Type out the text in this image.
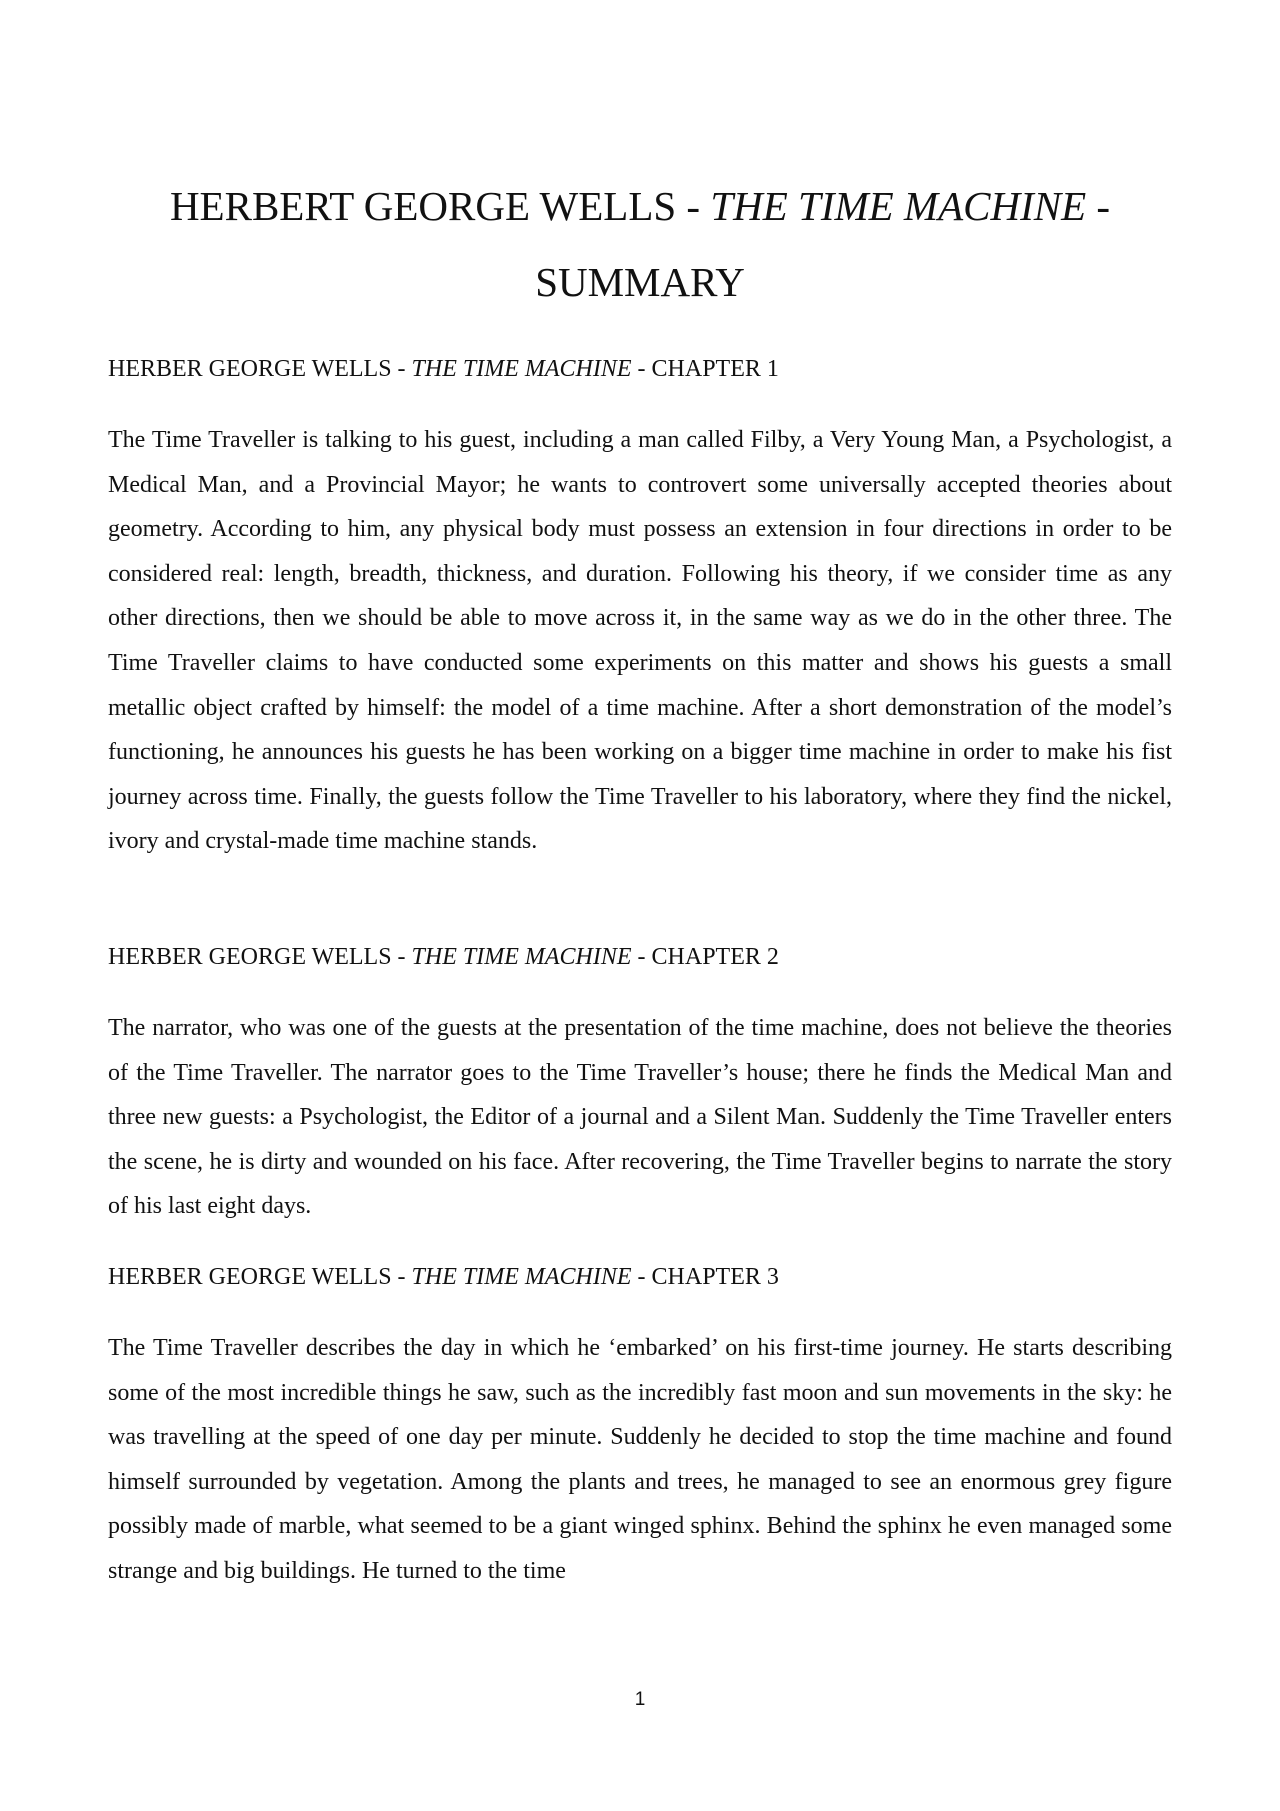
HERBERT GEORGE WELLS - THE TIME MACHINE - SUMMARY
HERBER GEORGE WELLS - THE TIME MACHINE - CHAPTER 1

The Time Traveller is talking to his guest, including a man called Filby, a Very Young Man, a Psychologist, a Medical Man, and a Provincial Mayor; he wants to controvert some universally accepted theories about geometry. According to him, any physical body must possess an extension in four directions in order to be considered real: length, breadth, thickness, and duration. Following his theory, if we consider time as any other directions, then we should be able to move across it, in the same way as we do in the other three. The Time Traveller claims to have conducted some experiments on this matter and shows his guests a small metallic object crafted by himself: the model of a time machine. After a short demonstration of the model’s functioning, he announces his guests he has been working on a bigger time machine in order to make his fist journey across time. Finally, the guests follow the Time Traveller to his laboratory, where they find the nickel, ivory and crystal-made time machine stands.

HERBER GEORGE WELLS - THE TIME MACHINE - CHAPTER 2

The narrator, who was one of the guests at the presentation of the time machine, does not believe the theories of the Time Traveller. The narrator goes to the Time Traveller’s house; there he finds the Medical Man and three new guests: a Psychologist, the Editor of a journal and a Silent Man. Suddenly the Time Traveller enters the scene, he is dirty and wounded on his face. After recovering, the Time Traveller begins to narrate the story of his last eight days.

HERBER GEORGE WELLS - THE TIME MACHINE - CHAPTER 3

The Time Traveller describes the day in which he ‘embarked’ on his first-time journey. He starts describing some of the most incredible things he saw, such as the incredibly fast moon and sun movements in the sky: he was travelling at the speed of one day per minute. Suddenly he decided to stop the time machine and found himself surrounded by vegetation. Among the plants and trees, he managed to see an enormous grey figure possibly made of marble, what seemed to be a giant winged sphinx. Behind the sphinx he even managed some strange and big buildings. He turned to the time

1
